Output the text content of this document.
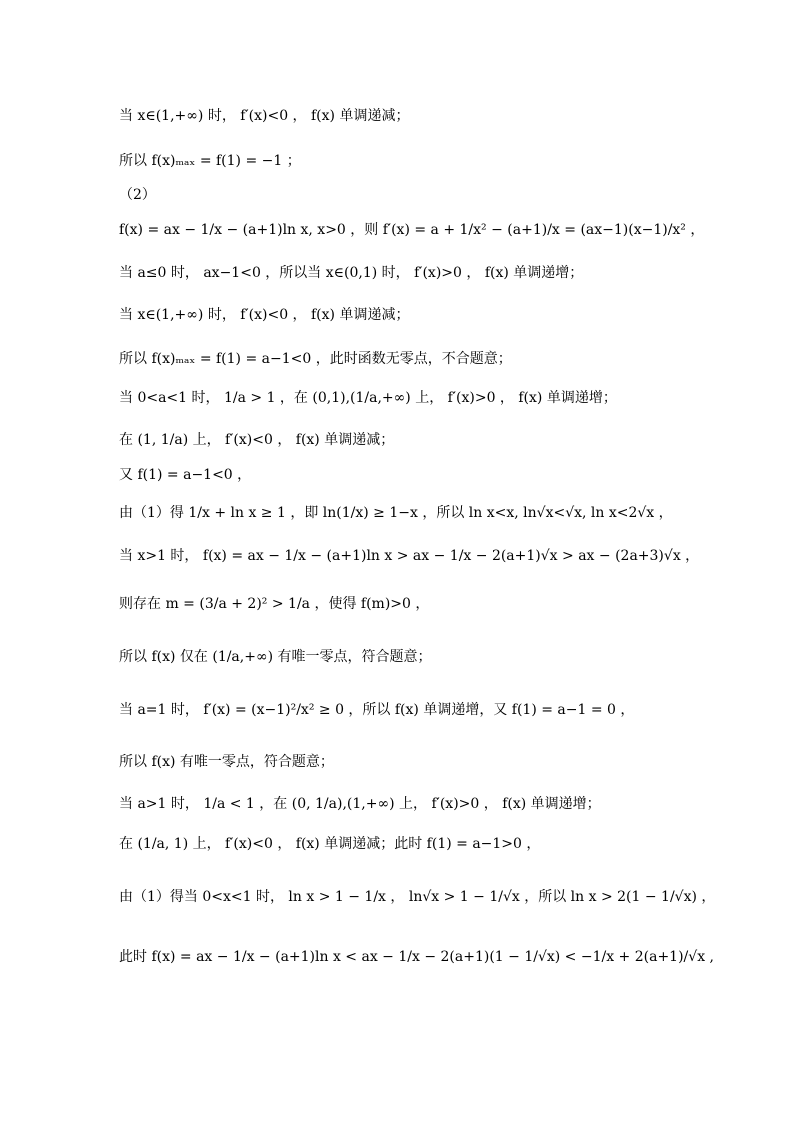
当 x∈(1,+∞) 时， f′(x)<0 ， f(x) 单调递减；
所以 f(x)ₘₐₓ = f(1) = −1 ；
（2）
f(x) = ax − 1/x − (a+1)ln x, x>0 ，则 f′(x) = a + 1/x² − (a+1)/x = (ax−1)(x−1)/x² ，
当 a≤0 时， ax−1<0 ，所以当 x∈(0,1) 时， f′(x)>0 ， f(x) 单调递增；
当 x∈(1,+∞) 时， f′(x)<0 ， f(x) 单调递减；
所以 f(x)ₘₐₓ = f(1) = a−1<0 ，此时函数无零点，不合题意；
当 0<a<1 时， 1/a > 1 ，在 (0,1),(1/a,+∞) 上， f′(x)>0 ， f(x) 单调递增；
在 (1, 1/a) 上， f′(x)<0 ， f(x) 单调递减；
又 f(1) = a−1<0 ，
由（1）得 1/x + ln x ≥ 1 ，即 ln(1/x) ≥ 1−x ，所以 ln x<x, ln√x<√x, ln x<2√x ，
当 x>1 时， f(x) = ax − 1/x − (a+1)ln x > ax − 1/x − 2(a+1)√x > ax − (2a+3)√x ，
则存在 m = (3/a + 2)² > 1/a ，使得 f(m)>0 ，
所以 f(x) 仅在 (1/a,+∞) 有唯一零点，符合题意；
当 a=1 时， f′(x) = (x−1)²/x² ≥ 0 ，所以 f(x) 单调递增，又 f(1) = a−1 = 0 ，
所以 f(x) 有唯一零点，符合题意；
当 a>1 时， 1/a < 1 ，在 (0, 1/a),(1,+∞) 上， f′(x)>0 ， f(x) 单调递增；
在 (1/a, 1) 上， f′(x)<0 ， f(x) 单调递减；此时 f(1) = a−1>0 ，
由（1）得当 0<x<1 时， ln x > 1 − 1/x ， ln√x > 1 − 1/√x ，所以 ln x > 2(1 − 1/√x) ，
此时 f(x) = ax − 1/x − (a+1)ln x < ax − 1/x − 2(a+1)(1 − 1/√x) < −1/x + 2(a+1)/√x ,
